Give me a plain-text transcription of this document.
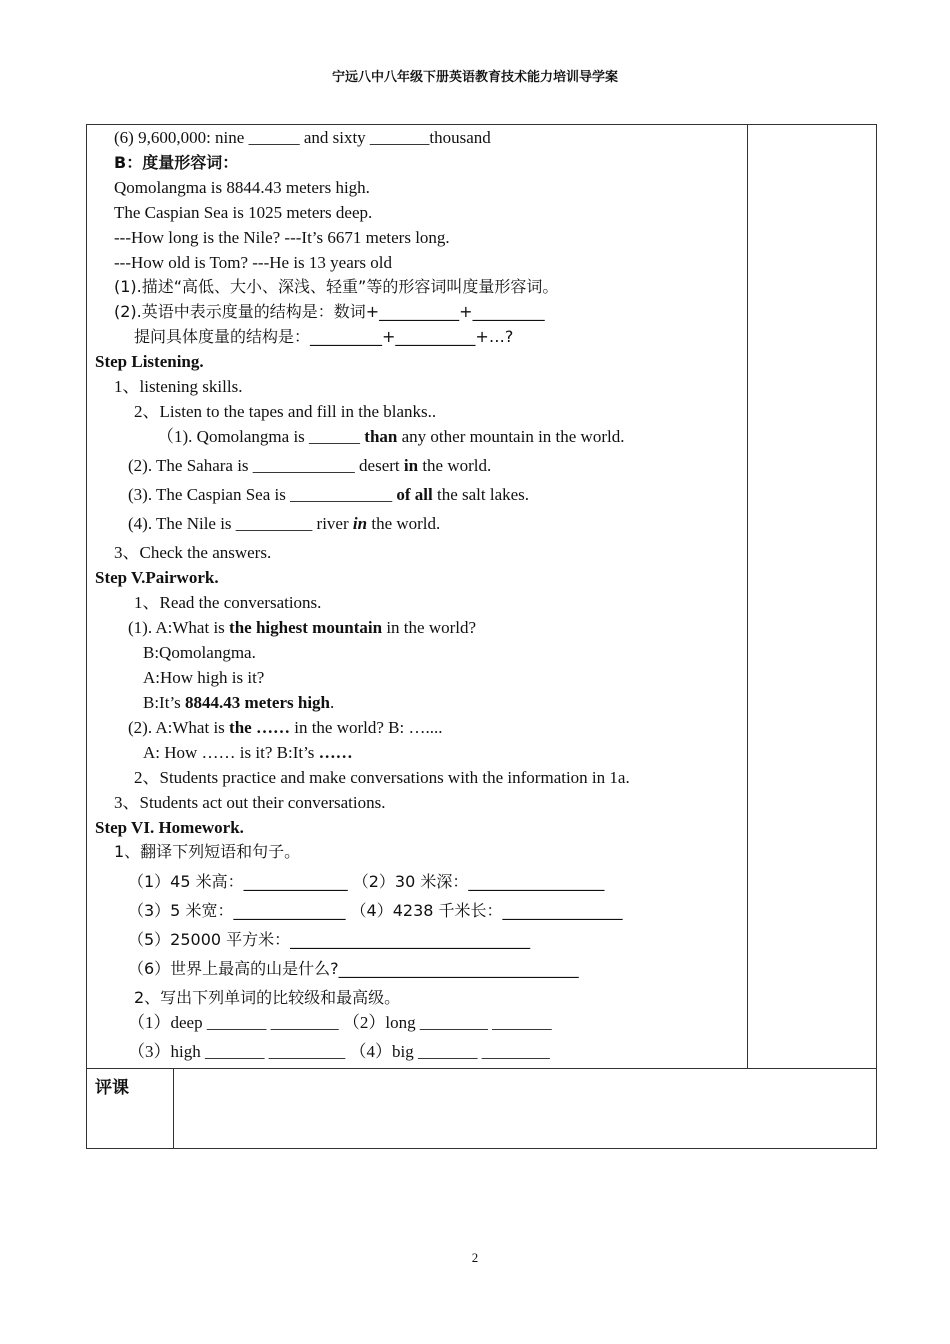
宁远八中八年级下册英语教育技术能力培训导学案
评课
(6) 9,600,000: nine ______ and sixty _______thousand
B：度量形容词：
Qomolangma is 8844.43 meters high.
The Caspian Sea is 1025 meters deep.
---How long is the Nile? ---It’s 6671 meters long.
---How old is Tom? ---He is 13 years old
(1).描述“高低、大小、深浅、轻重”等的形容词叫度量形容词。
(2).英语中表示度量的结构是：数词+__________+_________
提问具体度量的结构是：_________+__________+…?
Step Listening.
1、listening skills.
2、Listen to the tapes and fill in the blanks..
（1). Qomolangma is ______ than any other mountain in the world.
(2). The Sahara is ____________ desert in the world.
(3). The Caspian Sea is ____________ of all the salt lakes.
(4). The Nile is _________ river in the world.
3、Check the answers.
Step V.Pairwork.
1、Read the conversations.
(1). A:What is the highest mountain in the world?
B:Qomolangma.
A:How high is it?
B:It’s 8844.43 meters high.
(2). A:What is the …… in the world? B: …....
A: How …… is it? B:It’s ……
2、Students practice and make conversations with the information in 1a.
3、Students act out their conversations.
Step VI. Homework.
1、翻译下列短语和句子。
（1）45 米高：_____________ （2）30 米深：_________________
（3）5 米宽：______________ （4）4238 千米长：_______________
（5）25000 平方米：______________________________
（6）世界上最高的山是什么?______________________________
2、写出下列单词的比较级和最高级。
（1）deep _______ ________ （2）long ________ _______
（3）high _______ _________ （4）big _______ ________
2
